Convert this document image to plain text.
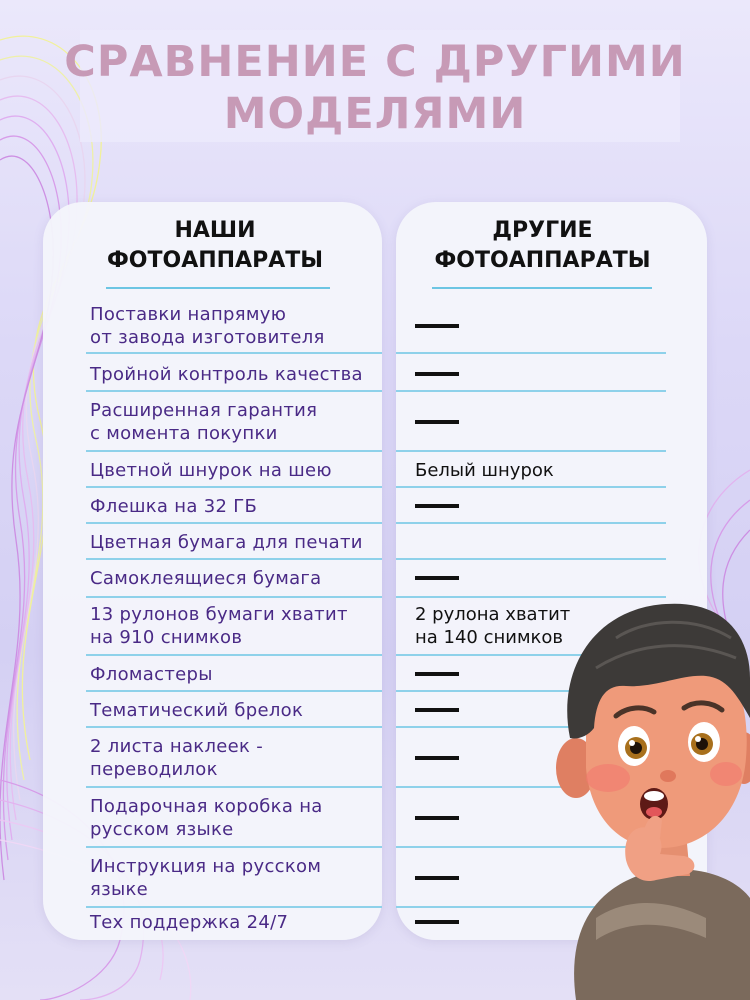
СРАВНЕНИЕ С ДРУГИМИ
МОДЕЛЯМИ
НАШИ
ФОТОАППАРАТЫ
ДРУГИЕ
ФОТОАППАРАТЫ
Поставки напрямую
от завода изготовителя
Тройной контроль качества
Расширенная гарантия
с момента покупки
Цветной шнурок на шею	Белый шнурок
Флешка на 32 ГБ
Цветная бумага для печати
Самоклеящиеся бумага
13 рулонов бумаги хватит
на 910 снимков
2 рулона хватит
на 140 снимков
Фломастеры
Тематический брелок
2 листа наклеек -
переводилок
Подарочная коробка на
русском языке
Инструкция на русском
языке
Тех поддержка 24/7
